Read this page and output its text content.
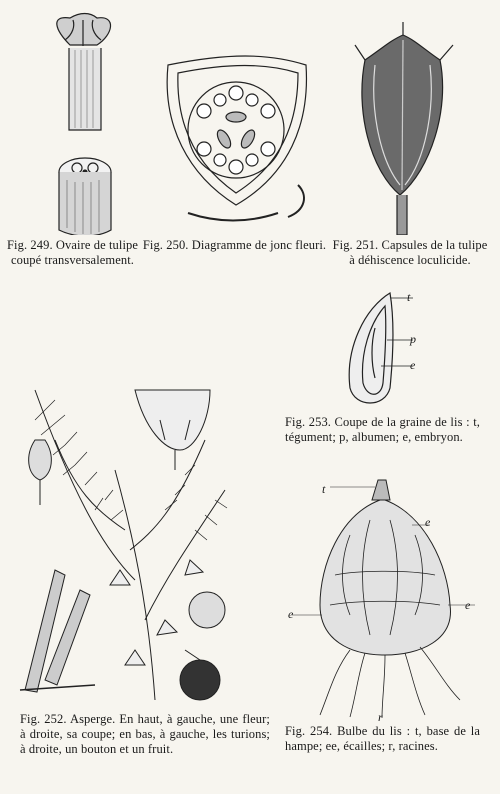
Fig. 249. Ovaire de tulipe coupé transversalement.
Fig. 250. Diagramme de jonc fleuri. Fig. 251. Capsules de la tulipe à déhiscence loculicide.
t
p
e
Fig. 253. Coupe de la graine de lis : t, tégument; p, albumen; e, embryon.
Fig. 252. Asperge. En haut, à gauche, une fleur; à droite, sa coupe; en bas, à gauche, les turions; à droite, un bouton et un fruit.
t
e
e
e
r
Fig. 254. Bulbe du lis : t, base de la hampe; ee, écailles; r, racines.
